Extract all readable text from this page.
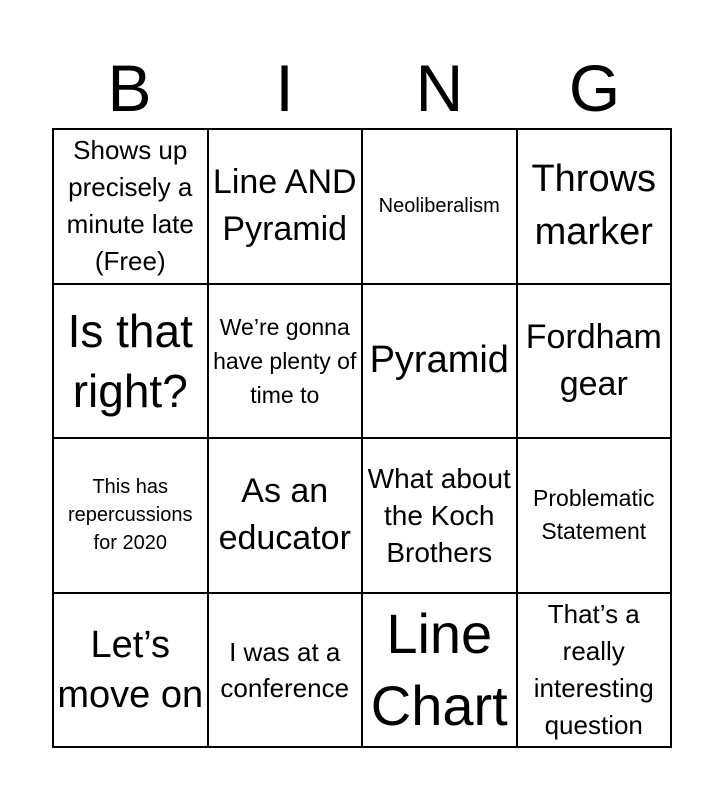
B	I	N	G
Shows up precisely a minute late (Free)
Line AND Pyramid
Neoliberalism
Throws marker
Is that right?
We’re gonna have plenty of time to
Pyramid
Fordham gear
This has repercussions for 2020
As an educator
What about the Koch Brothers
Problematic Statement
Let’s move on
I was at a conference
Line Chart
That’s a really interesting question
